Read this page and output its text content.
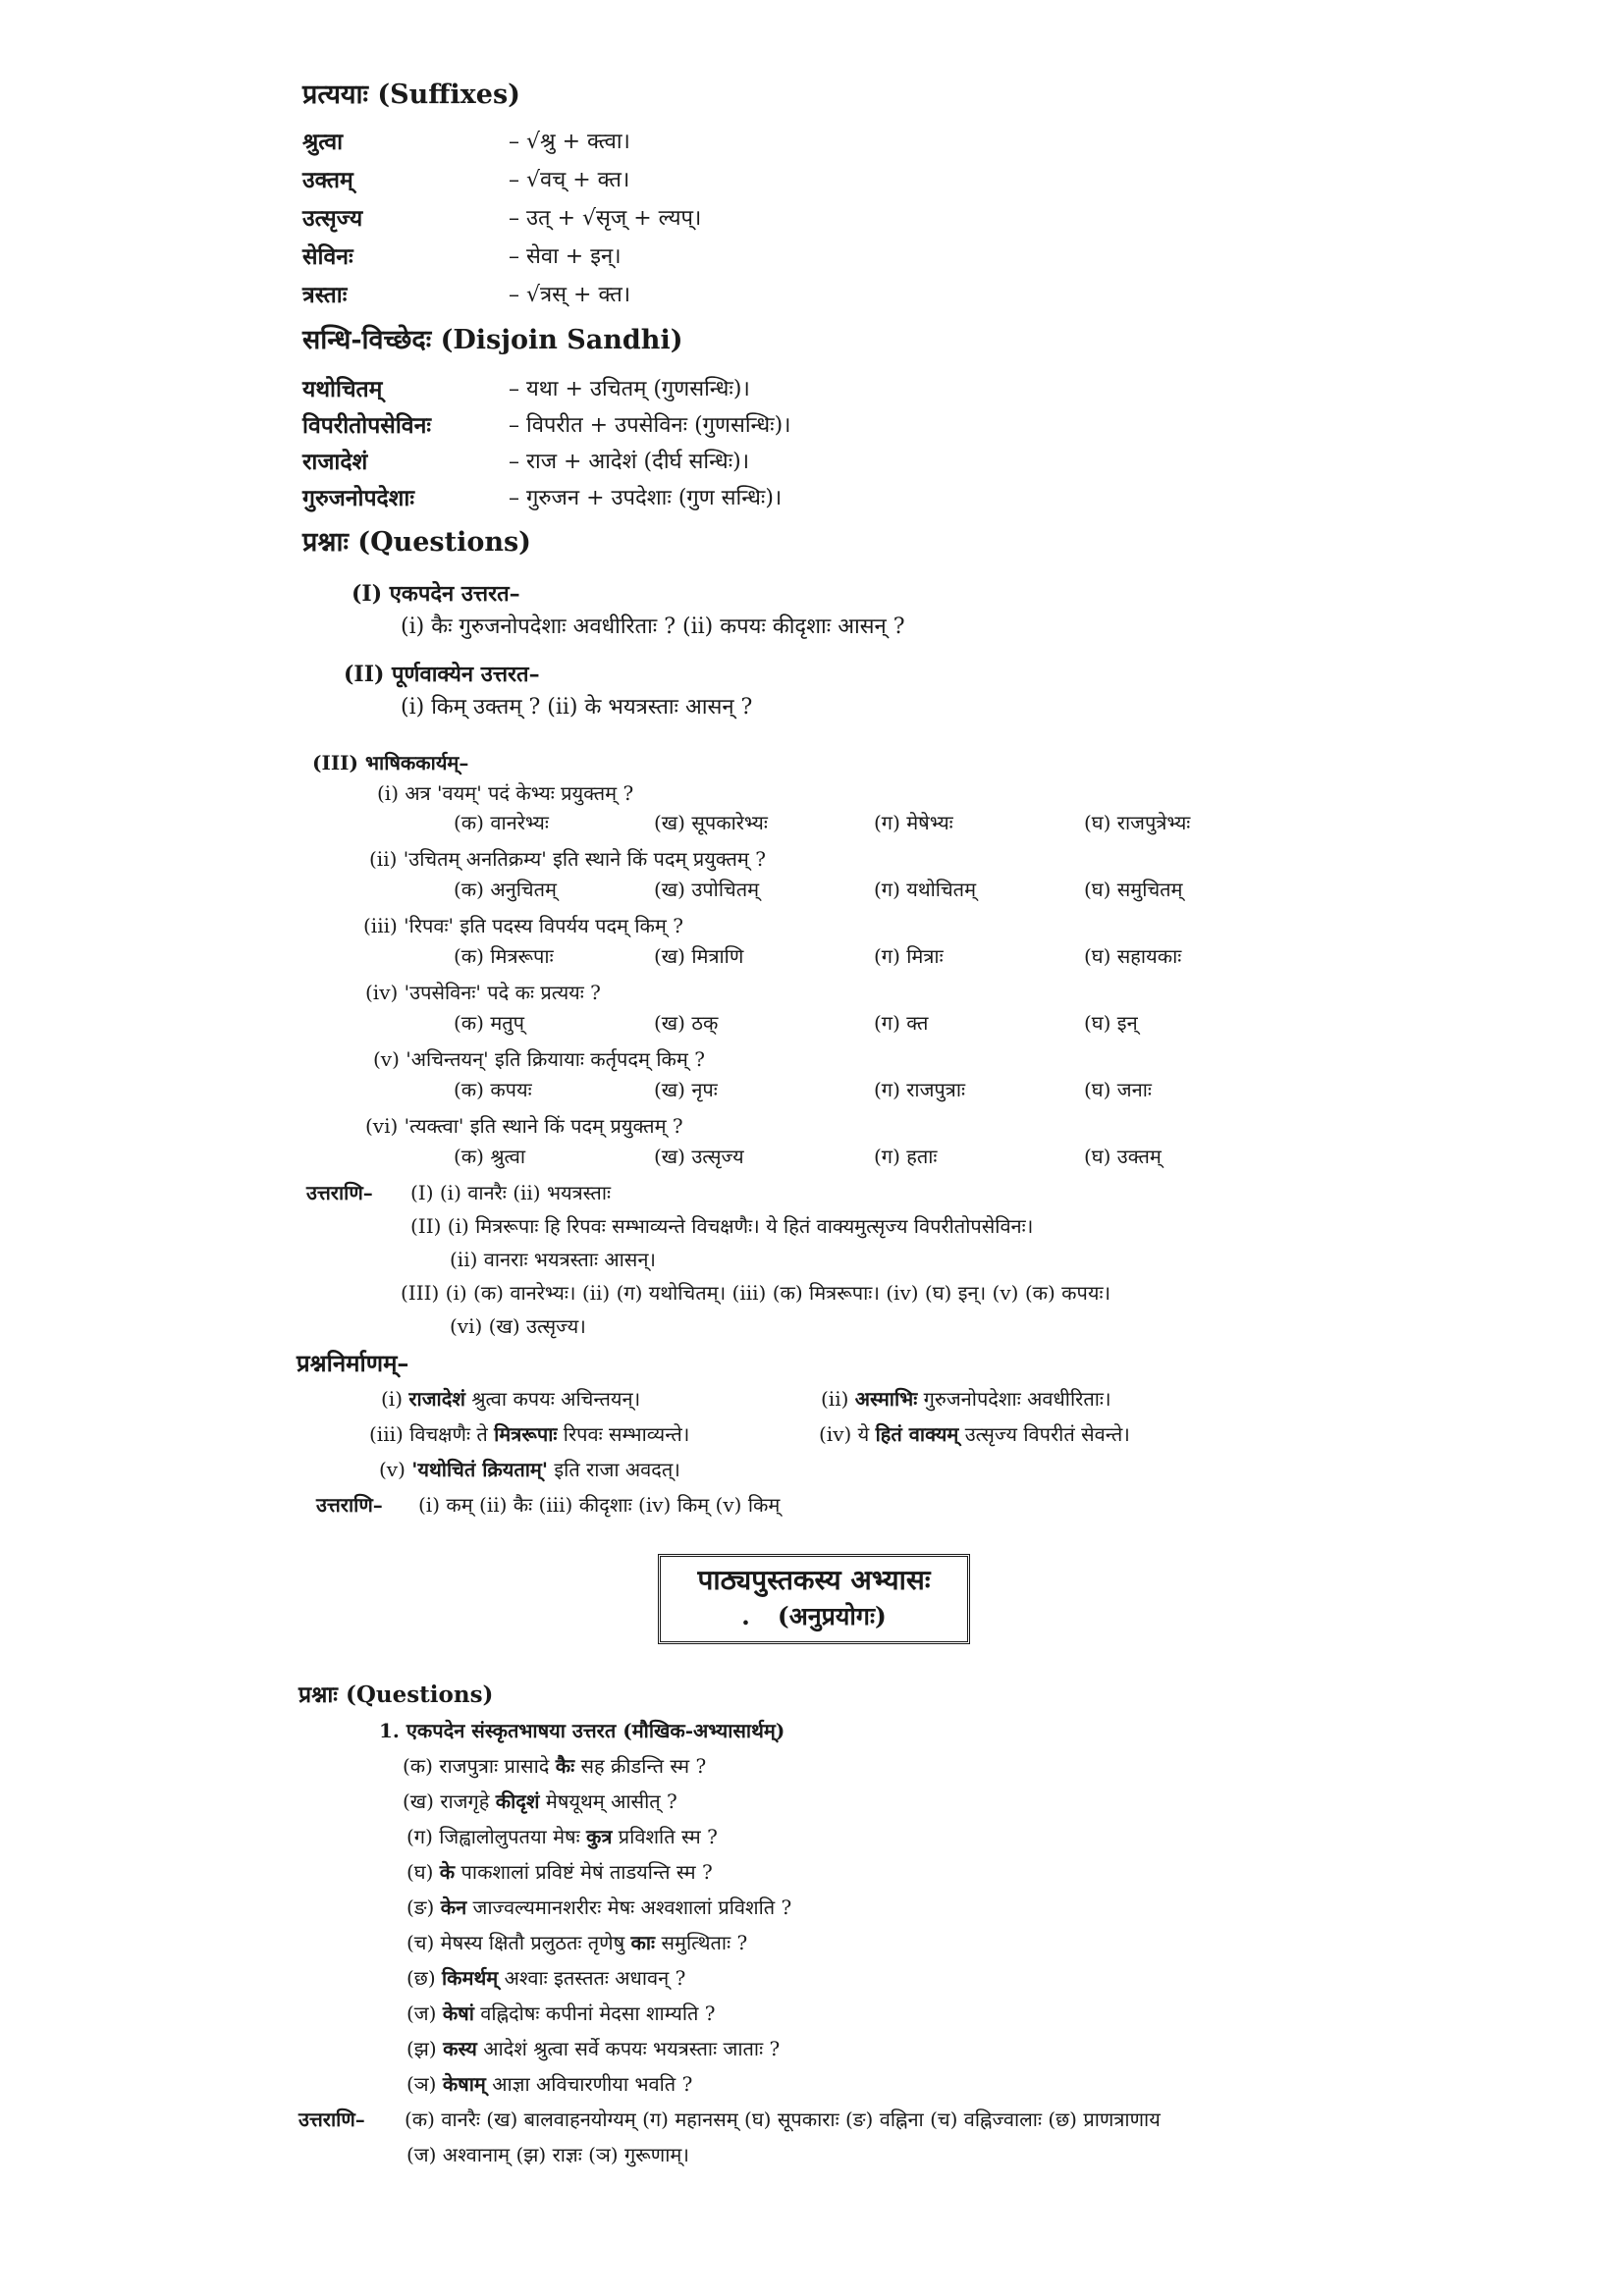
प्रत्ययाः (Suffixes)
श्रुत्वा	– √श्रु + क्त्वा।
उक्तम्	– √वच् + क्त।
उत्सृज्य	– उत् + √सृज् + ल्यप्।
सेविनः	– सेवा + इन्।
त्रस्ताः	– √त्रस् + क्त।
सन्धि-विच्छेदः (Disjoin Sandhi)
यथोचितम्	– यथा + उचितम् (गुणसन्धिः)।
विपरीतोपसेविनः	– विपरीत + उपसेविनः (गुणसन्धिः)।
राजादेशं	– राज + आदेशं (दीर्घ सन्धिः)।
गुरुजनोपदेशाः	– गुरुजन + उपदेशाः (गुण सन्धिः)।
प्रश्नाः (Questions)
(I) एकपदेन उत्तरत–
(i) कैः गुरुजनोपदेशाः अवधीरिताः ? (ii) कपयः कीदृशाः आसन् ?
(II) पूर्णवाक्येन उत्तरत–
(i) किम् उक्तम् ? (ii) के भयत्रस्ताः आसन् ?
(III) भाषिककार्यम्–
(i) अत्र 'वयम्' पदं केभ्यः प्रयुक्तम् ?
(क) वानरेभ्यः	(ख) सूपकारेभ्यः	(ग) मेषेभ्यः	(घ) राजपुत्रेभ्यः
(ii) 'उचितम् अनतिक्रम्य' इति स्थाने किं पदम् प्रयुक्तम् ?
(क) अनुचितम्	(ख) उपोचितम्	(ग) यथोचितम्	(घ) समुचितम्
(iii) 'रिपवः' इति पदस्य विपर्यय पदम् किम् ?
(क) मित्ररूपाः	(ख) मित्राणि	(ग) मित्राः	(घ) सहायकाः
(iv) 'उपसेविनः' पदे कः प्रत्ययः ?
(क) मतुप्	(ख) ठक्	(ग) क्त	(घ) इन्
(v) 'अचिन्तयन्' इति क्रियायाः कर्तृपदम् किम् ?
(क) कपयः	(ख) नृपः	(ग) राजपुत्राः	(घ) जनाः
(vi) 'त्यक्त्वा' इति स्थाने किं पदम् प्रयुक्तम् ?
(क) श्रुत्वा	(ख) उत्सृज्य	(ग) हताः	(घ) उक्तम्
उत्तराणि– (I) (i) वानरैः (ii) भयत्रस्ताः
(II) (i) मित्ररूपाः हि रिपवः सम्भाव्यन्ते विचक्षणैः। ये हितं वाक्यमुत्सृज्य विपरीतोपसेविनः।
(ii) वानराः भयत्रस्ताः आसन्।
(III) (i) (क) वानरेभ्यः। (ii) (ग) यथोचितम्। (iii) (क) मित्ररूपाः। (iv) (घ) इन्। (v) (क) कपयः।
(vi) (ख) उत्सृज्य।
प्रश्ननिर्माणम्–
(i) राजादेशं श्रुत्वा कपयः अचिन्तयन्।	(ii) अस्माभिः गुरुजनोपदेशाः अवधीरिताः।
(iii) विचक्षणैः ते मित्ररूपाः रिपवः सम्भाव्यन्ते।	(iv) ये हितं वाक्यम् उत्सृज्य विपरीतं सेवन्ते।
(v) 'यथोचितं क्रियताम्' इति राजा अवदत्।
उत्तराणि– (i) कम् (ii) कैः (iii) कीदृशाः (iv) किम् (v) किम्
पाठ्यपुस्तकस्य अभ्यासः
. (अनुप्रयोगः)
प्रश्नाः (Questions)
1. एकपदेन संस्कृतभाषया उत्तरत (मौखिक-अभ्यासार्थम्)
(क) राजपुत्राः प्रासादे कैः सह क्रीडन्ति स्म ?
(ख) राजगृहे कीदृशं मेषयूथम् आसीत् ?
(ग) जिह्वालोलुपतया मेषः कुत्र प्रविशति स्म ?
(घ) के पाकशालां प्रविष्टं मेषं ताडयन्ति स्म ?
(ङ) केन जाज्वल्यमानशरीरः मेषः अश्वशालां प्रविशति ?
(च) मेषस्य क्षितौ प्रलुठतः तृणेषु काः समुत्थिताः ?
(छ) किमर्थम् अश्वाः इतस्ततः अधावन् ?
(ज) केषां वह्निदोषः कपीनां मेदसा शाम्यति ?
(झ) कस्य आदेशं श्रुत्वा सर्वे कपयः भयत्रस्ताः जाताः ?
(ञ) केषाम् आज्ञा अविचारणीया भवति ?
उत्तराणि– (क) वानरैः (ख) बालवाहनयोग्यम् (ग) महानसम् (घ) सूपकाराः (ङ) वह्निना (च) वह्निज्वालाः (छ) प्राणत्राणाय
(ज) अश्वानाम् (झ) राज्ञः (ञ) गुरूणाम्।
